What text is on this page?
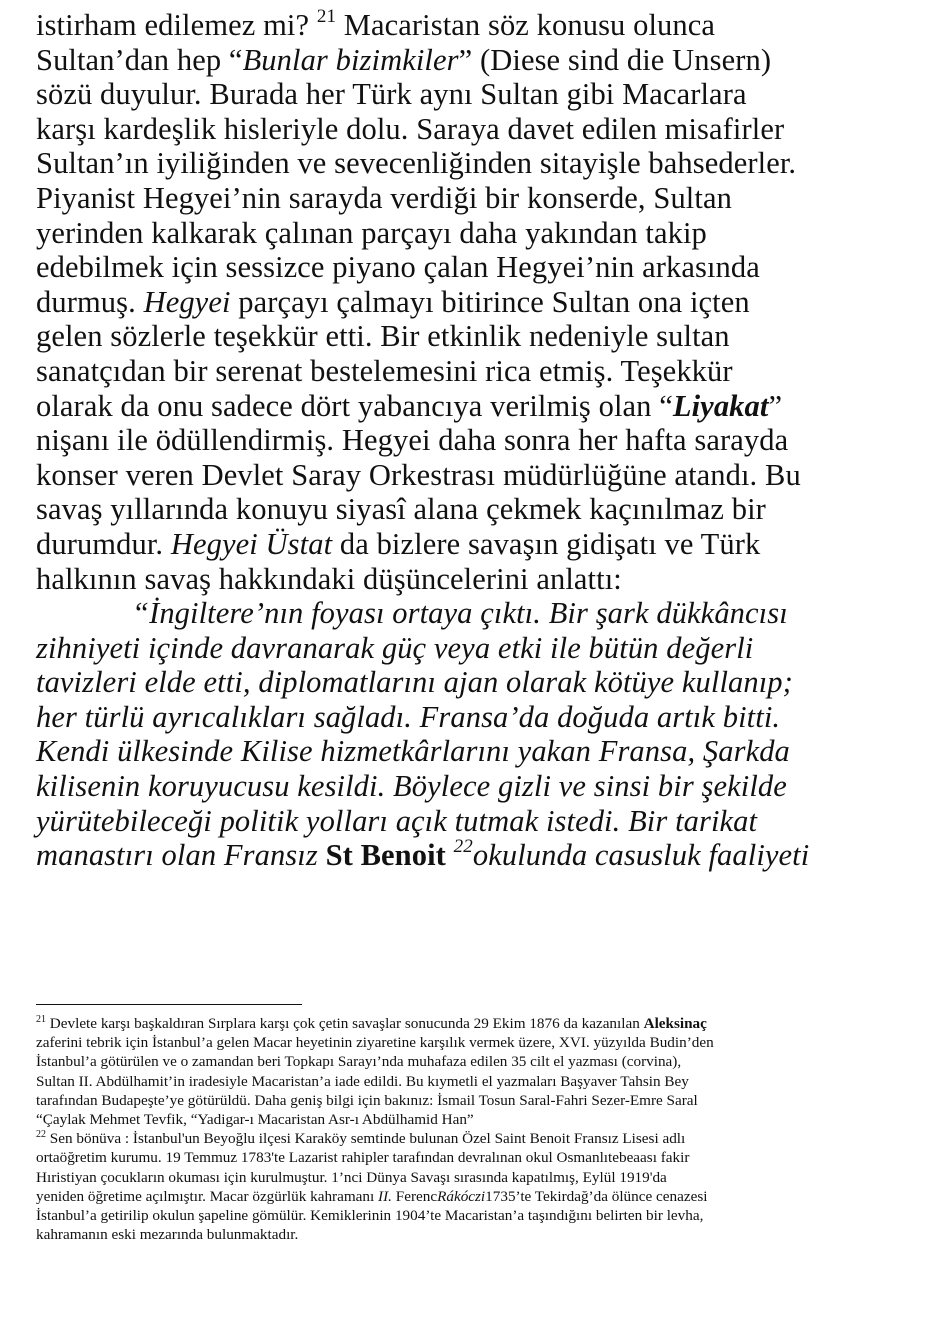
istirham edilemez mi? $^{21}$ Macaristan söz konusu olunca
Sultan’dan hep “Bunlar bizimkiler” (Diese sind die Unsern)
sözü duyulur. Burada her Türk aynı Sultan gibi Macarlara
karşı kardeşlik hisleriyle dolu. Saraya davet edilen misafirler
Sultan’ın iyiliğinden ve sevecenliğinden sitayişle bahsederler.
Piyanist Hegyei’nin sarayda verdiği bir konserde, Sultan
yerinden kalkarak çalınan parçayı daha yakından takip
edebilmek için sessizce piyano çalan Hegyei’nin arkasında
durmuş. Hegyei parçayı çalmayı bitirince Sultan ona içten
gelen sözlerle teşekkür etti. Bir etkinlik nedeniyle sultan
sanatçıdan bir serenat bestelemesini rica etmiş. Teşekkür
olarak da onu sadece dört yabancıya verilmiş olan “Liyakat”
nişanı ile ödüllendirmiş. Hegyei daha sonra her hafta sarayda
konser veren Devlet Saray Orkestrası müdürlüğüne atandı. Bu
savaş yıllarında konuyu siyasî alana çekmek kaçınılmaz bir
durumdur. Hegyei Üstat da bizlere savaşın gidişatı ve Türk
halkının savaş hakkındaki düşüncelerini anlattı:
“İngiltere’nın foyası ortaya çıktı. Bir şark dükkâncısı
zihniyeti içinde davranarak güç veya etki ile bütün değerli
tavizleri elde etti, diplomatlarını ajan olarak kötüye kullanıp;
her türlü ayrıcalıkları sağladı. Fransa’da doğuda artık bitti.
Kendi ülkesinde Kilise hizmetkârlarını yakan Fransa, Şarkda
kilisenin koruyucusu kesildi. Böylece gizli ve sinsi bir şekilde
yürütebileceği politik yolları açık tutmak istedi. Bir tarikat
manastırı olan Fransız St Benoit $^{22}$okulunda casusluk faaliyeti
$^{21}$ Devlete karşı başkaldıran Sırplara karşı çok çetin savaşlar sonucunda 29 Ekim 1876 da kazanılan Aleksinaç
zaferini tebrik için İstanbul’a gelen Macar heyetinin ziyaretine karşılık vermek üzere, XVI. yüzyılda Budin’den
İstanbul’a götürülen ve o zamandan beri Topkapı Sarayı’nda muhafaza edilen 35 cilt el yazması (corvina),
Sultan II. Abdülhamit’in iradesiyle Macaristan’a iade edildi. Bu kıymetli el yazmaları Başyaver Tahsin Bey
tarafından Budapeşte’ye götürüldü. Daha geniş bilgi için bakınız: İsmail Tosun Saral-Fahri Sezer-Emre Saral
“Çaylak Mehmet Tevfik, “Yadigar-ı Macaristan Asr-ı Abdülhamid Han”
$^{22}$ Sen bönüva : İstanbul'un Beyoğlu ilçesi Karaköy semtinde bulunan Özel Saint Benoit Fransız Lisesi adlı
ortaöğretim kurumu. 19 Temmuz 1783'te Lazarist rahipler tarafından devralınan okul Osmanlıtebeaası fakir
Hıristiyan çocukların okuması için kurulmuştur. 1’nci Dünya Savaşı sırasında kapatılmış, Eylül 1919'da
yeniden öğretime açılmıştır. Macar özgürlük kahramanı II. FerencRákóczi1735’te Tekirdağ’da ölünce cenazesi
İstanbul’a getirilip okulun şapeline gömülür. Kemiklerinin 1904’te Macaristan’a taşındığını belirten bir levha,
kahramanın eski mezarında bulunmaktadır.
